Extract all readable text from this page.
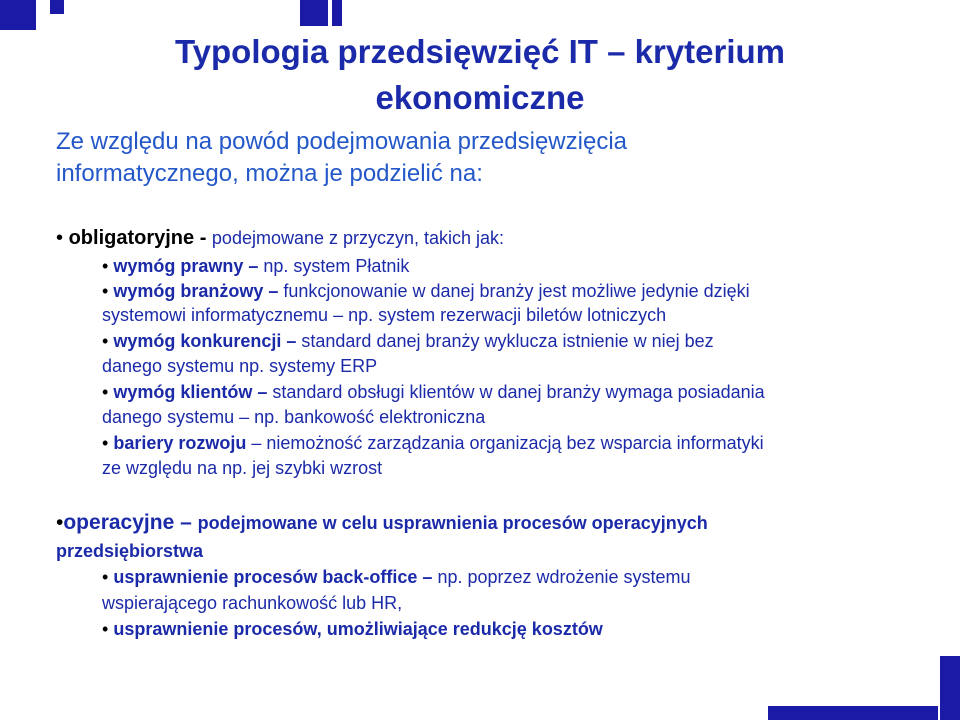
Typologia przedsięwzięć IT – kryterium
ekonomiczne
Ze względu na powód podejmowania przedsięwzięcia
informatycznego, można je podzielić na:
• obligatoryjne - podejmowane z przyczyn, takich jak:
• wymóg prawny – np. system Płatnik
• wymóg branżowy – funkcjonowanie w danej branży jest możliwe jedynie dzięki
systemowi informatycznemu – np. system rezerwacji biletów lotniczych
• wymóg konkurencji – standard danej branży wyklucza istnienie w niej bez
danego systemu np. systemy ERP
• wymóg klientów – standard obsługi klientów w danej branży wymaga posiadania
danego systemu – np. bankowość elektroniczna
• bariery rozwoju – niemożność zarządzania organizacją bez wsparcia informatyki
ze względu na np. jej szybki wzrost
•operacyjne – podejmowane w celu usprawnienia procesów operacyjnych
przedsiębiorstwa
• usprawnienie procesów back-office – np. poprzez wdrożenie systemu
wspierającego rachunkowość lub HR,
• usprawnienie procesów, umożliwiające redukcję kosztów
